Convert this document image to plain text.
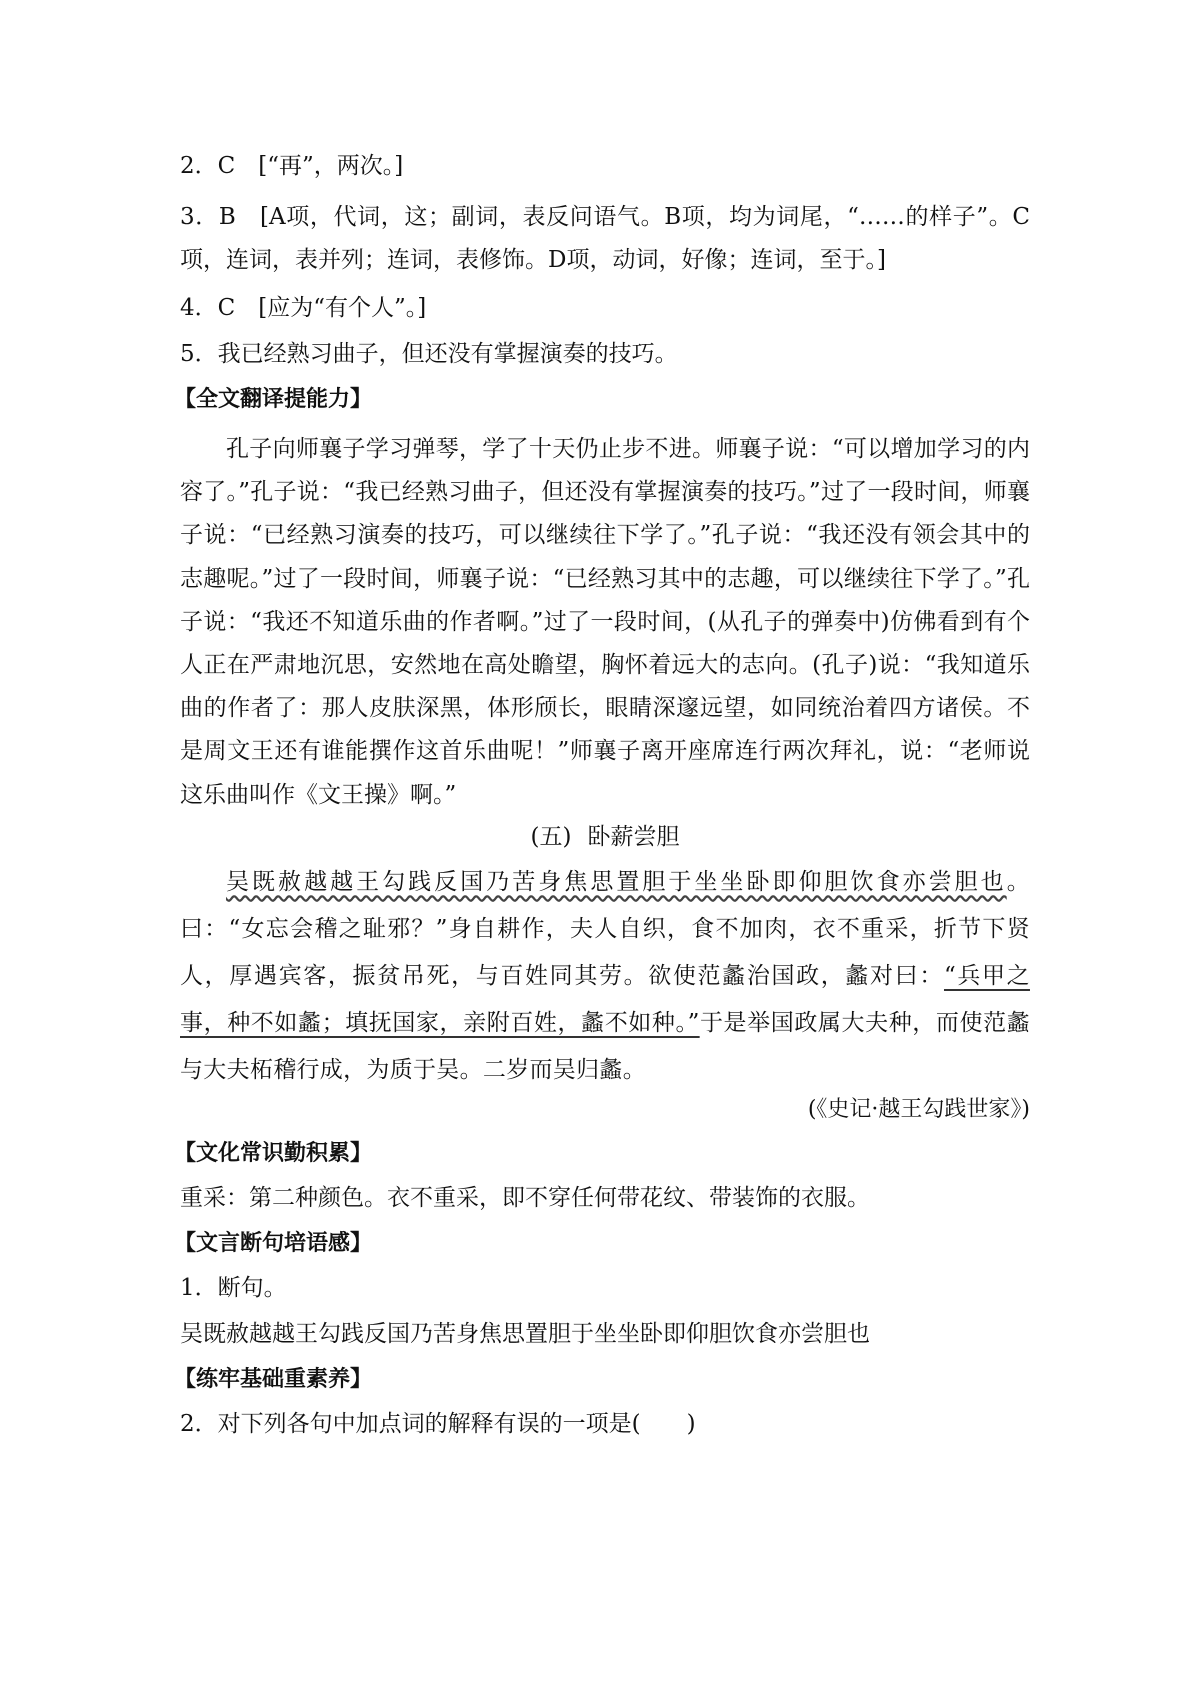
2．C　[“再”，两次。]

3．B　[A项，代词，这；副词，表反问语气。B项，均为词尾，“……的样子”。C项，连词，表并列；连词，表修饰。D项，动词，好像；连词，至于。]

4．C　[应为“有个人”。]

5．我已经熟习曲子，但还没有掌握演奏的技巧。

【全文翻译提能力】

孔子向师襄子学习弹琴，学了十天仍止步不进。师襄子说：“可以增加学习的内容了。”孔子说：“我已经熟习曲子，但还没有掌握演奏的技巧。”过了一段时间，师襄子说：“已经熟习演奏的技巧，可以继续往下学了。”孔子说：“我还没有领会其中的志趣呢。”过了一段时间，师襄子说：“已经熟习其中的志趣，可以继续往下学了。”孔子说：“我还不知道乐曲的作者啊。”过了一段时间，(从孔子的弹奏中)仿佛看到有个人正在严肃地沉思，安然地在高处瞻望，胸怀着远大的志向。(孔子)说：“我知道乐曲的作者了：那人皮肤深黑，体形颀长，眼睛深邃远望，如同统治着四方诸侯。不是周文王还有谁能撰作这首乐曲呢！”师襄子离开座席连行两次拜礼，说：“老师说这乐曲叫作《文王操》啊。”

(五) 卧薪尝胆

吴既赦越越王勾践反国乃苦身焦思置胆于坐坐卧即仰胆饮食亦尝胆也。曰：“女忘会稽之耻邪？”身自耕作，夫人自织，食不加肉，衣不重采，折节下贤人，厚遇宾客，振贫吊死，与百姓同其劳。欲使范蠡治国政，蠡对曰：“兵甲之事，种不如蠡；填抚国家，亲附百姓，蠡不如种。”于是举国政属大夫种，而使范蠡与大夫柘稽行成，为质于吴。二岁而吴归蠡。

(《史记·越王勾践世家》)
【文化常识勤积累】

重采：第二种颜色。衣不重采，即不穿任何带花纹、带装饰的衣服。

【文言断句培语感】

1．断句。

吴既赦越越王勾践反国乃苦身焦思置胆于坐坐卧即仰胆饮食亦尝胆也

【练牢基础重素养】

2．对下列各句中加点词的解释有误的一项是(　　)
